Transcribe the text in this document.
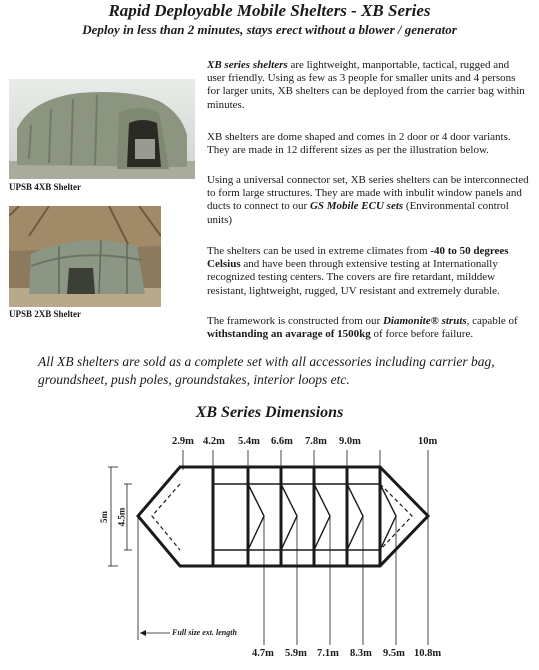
Rapid Deployable Mobile Shelters - XB Series
Deploy in less than 2 minutes, stays erect without a blower / generator
UPSB 4XB Shelter
UPSB 2XB Shelter

XB series shelters are lightweight, manportable, tactical, rugged and user friendly. Using as few as 3 people for smaller units and 4 persons for larger units, XB shelters can be deployed from the carrier bag within minutes.

XB shelters are dome shaped and comes in 2 door or 4 door variants. They are made in 12 different sizes as per the illustration below.

Using a universal connector set, XB series shelters can be interconnected to form large structures. They are made with inbulit window panels and ducts to connect to our GS Mobile ECU sets (Environmental control units)

The shelters can be used in extreme climates from -40 to 50 degrees Celsius and have been through extensive testing at Internationally recognized testing centers. The covers are fire retardant, milddew resistant, lightweight, rugged, UV resistant and extremely durable.

The framework is constructed from our Diamonite® struts, capable of withstanding an avarage of 1500kg of force before failure.

All XB shelters are sold as a complete set with all accessories including carrier bag, groundsheet, push poles, groundstakes, interior loops etc.

XB Series Dimensions
2.9m 4.2m 5.4m 6.6m 7.8m 9.0m	10m
4.7m 5.9m 7.1m 8.3m 9.5m 10.8m
5m 4.5m
Full size ext. length
